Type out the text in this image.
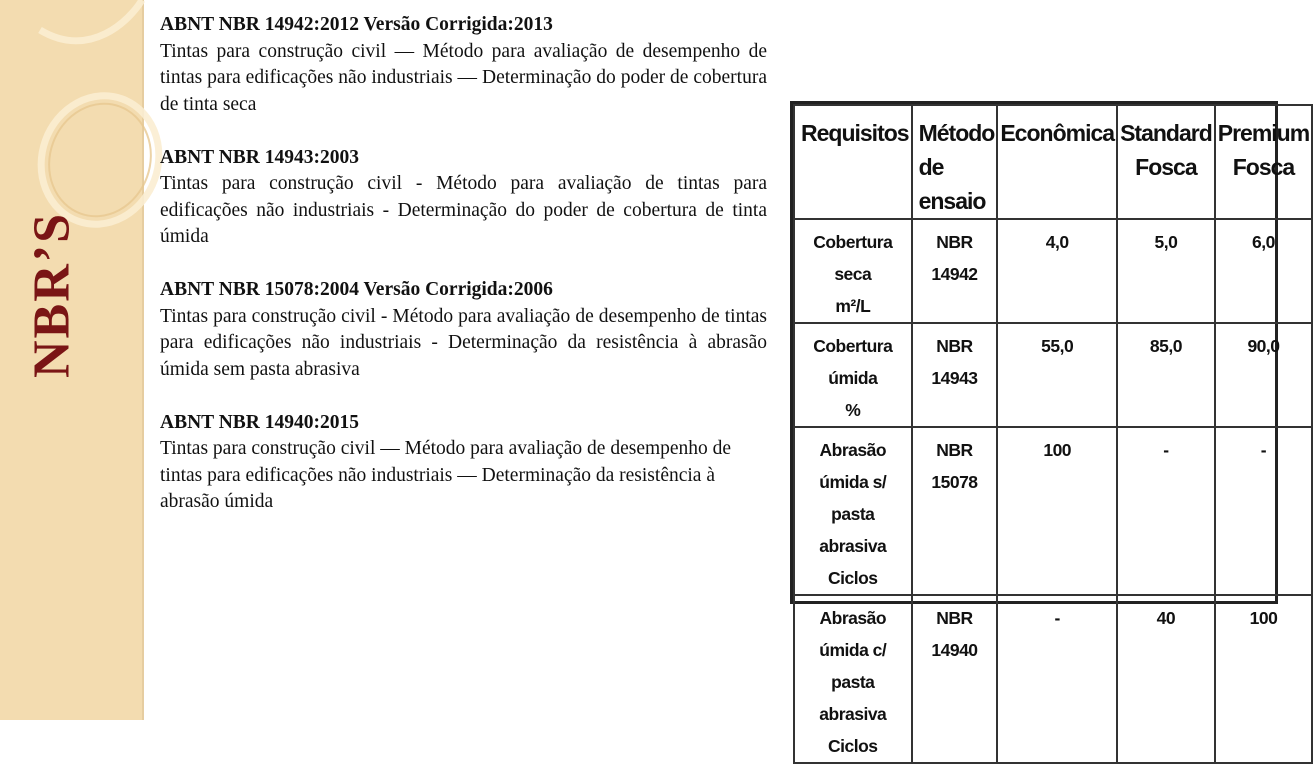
NBR’S
ABNT NBR 14942:2012 Versão Corrigida:2013

Tintas para construção civil — Método para avaliação de desempenho de tintas para edificações não industriais — Determinação do poder de cobertura de tinta seca

ABNT NBR 14943:2003

Tintas para construção civil - Método para avaliação de tintas para edificações não industriais - Determinação do poder de cobertura de tinta úmida

ABNT NBR 15078:2004 Versão Corrigida:2006

Tintas para construção civil - Método para avaliação de desempenho de tintas para edificações não industriais - Determinação da resistência à abrasão úmida sem pasta abrasiva

ABNT NBR 14940:2015

Tintas para construção civil — Método para avaliação de desempenho de tintas para edificações não industriais — Determinação da resistência à abrasão úmida

Requisitos	Método de ensaio	Econômica	Standard Fosca	Premium Fosca

Cobertura seca
m²/L	NBR 14942	4,0	5,0	6,0

Cobertura úmida
%	NBR 14943	55,0	85,0	90,0

Abrasão úmida s/
pasta abrasiva
Ciclos	NBR 15078	100	-	-

Abrasão úmida c/
pasta abrasiva
Ciclos	NBR 14940	-	40	100
